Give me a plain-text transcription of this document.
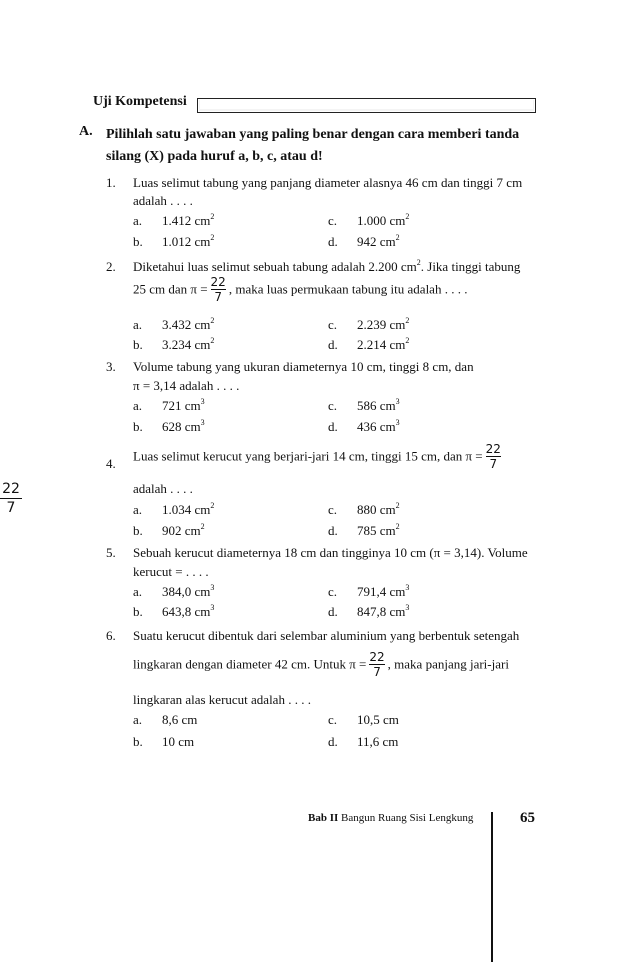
Uji Kompetensi
A. Pilihlah satu jawaban yang paling benar dengan cara memberi tanda silang (X) pada huruf a, b, c, atau d!
22
7
1. Luas selimut tabung yang panjang diameter alasnya 46 cm dan tinggi 7 cm
adalah . . . .
a. 1.412 $cm^2$	c. 1.000 $cm^2$
b. 1.012 $cm^2$	d. 942 $cm^2$
2. Diketahui luas selimut sebuah tabung adalah 2.200 $cm^2$. Jika tinggi tabung
25 cm dan $\pi = \frac{22}{7}$ , maka luas permukaan tabung itu adalah . . . .
a. 3.432 $cm^2$	c. 2.239 $cm^2$
b. 3.234 $cm^2$	d. 2.214 $cm^2$
3. Volume tabung yang ukuran diameternya 10 cm, tinggi 8 cm, dan
π = 3,14 adalah . . . .
a. 721 $cm^3$	c. 586 $cm^3$
b. 628 $cm^3$	d. 436 $cm^3$
4. Luas selimut kerucut yang berjari-jari 14 cm, tinggi 15 cm, dan $\pi = \frac{22}{7}$
adalah . . . .
a. 1.034 $cm^2$	c. 880 $cm^2$
b. 902 $cm^2$	d. 785 $cm^2$
5. Sebuah kerucut diameternya 18 cm dan tingginya 10 cm (π = 3,14). Volume
kerucut = . . . .
a. 384,0 $cm^3$	c. 791,4 $cm^3$
b. 643,8 $cm^3$	d. 847,8 $cm^3$
6. Suatu kerucut dibentuk dari selembar aluminium yang berbentuk setengah
lingkaran dengan diameter 42 cm. Untuk $\pi = \frac{22}{7}$ , maka panjang jari-jari
lingkaran alas kerucut adalah . . . .
a. 8,6 cm	c. 10,5 cm
b. 10 cm	d. 11,6 cm
Bab II Bangun Ruang Sisi Lengkung	65
